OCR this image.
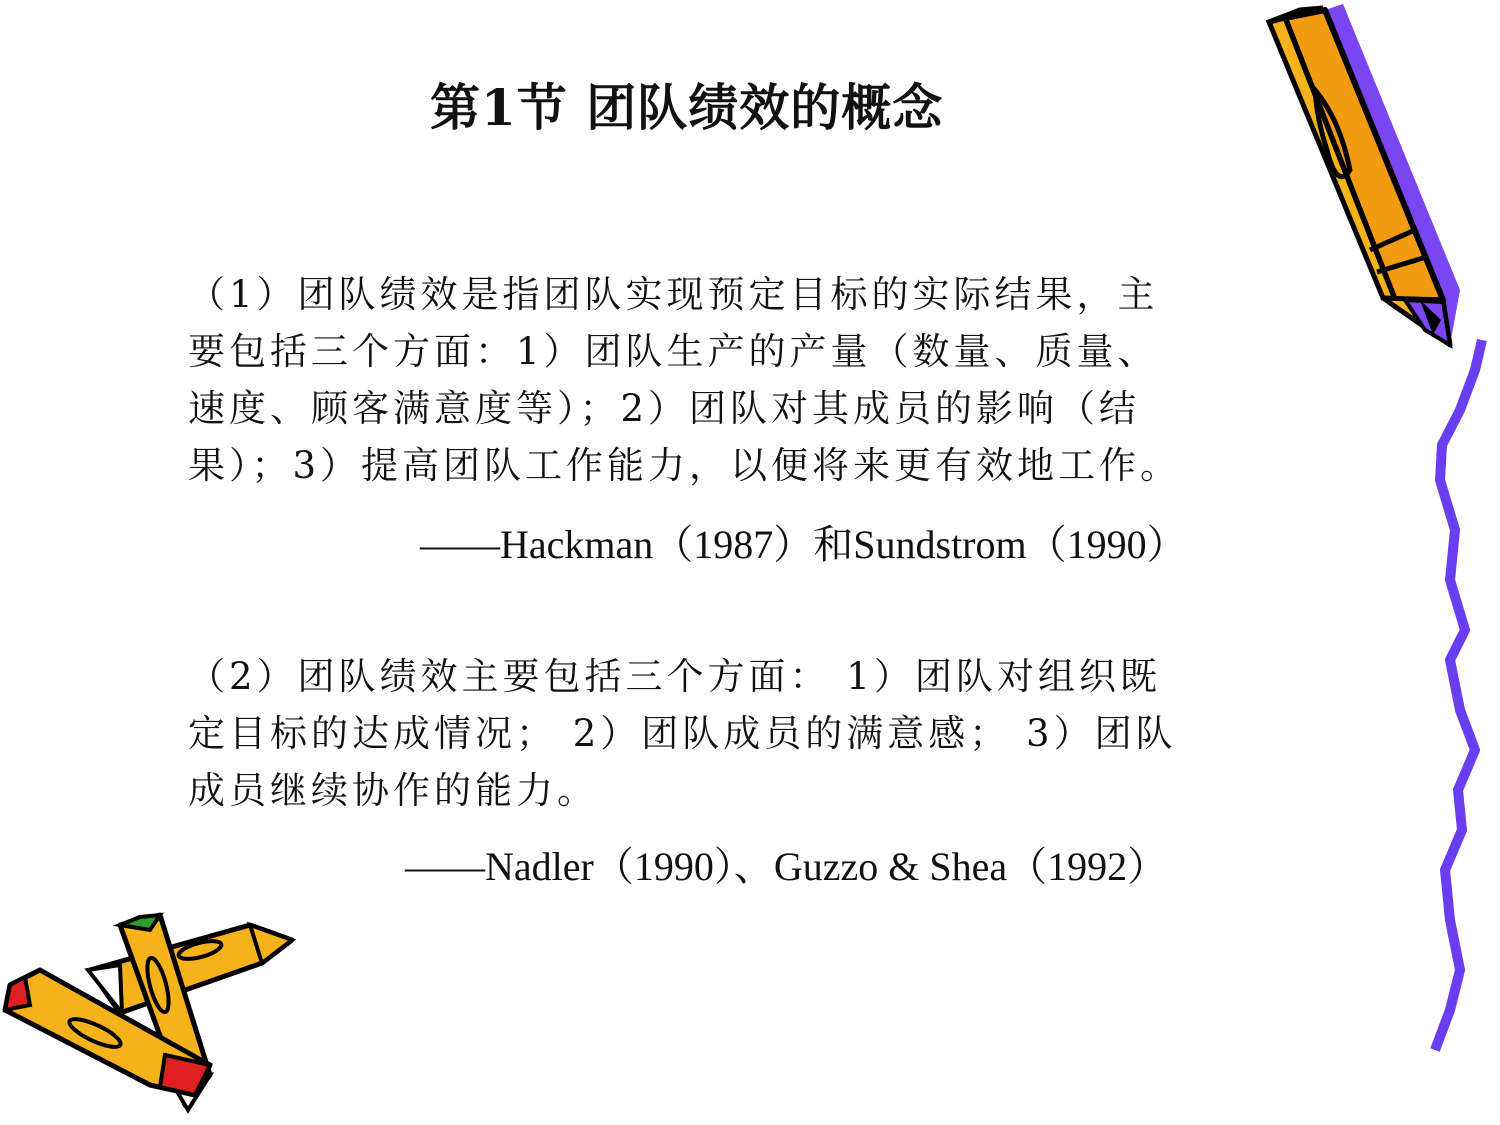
第1节 团队绩效的概念
（1）团队绩效是指团队实现预定目标的实际结果，主
要包括三个方面：1）团队生产的产量（数量、质量、
速度、顾客满意度等）；2）团队对其成员的影响（结
果）；3）提高团队工作能力，以便将来更有效地工作。
——Hackman（1987）和Sundstrom（1990）
（2）团队绩效主要包括三个方面： 1）团队对组织既
定目标的达成情况； 2）团队成员的满意感； 3）团队
成员继续协作的能力。
——Nadler（1990）、Guzzo & Shea（1992）
